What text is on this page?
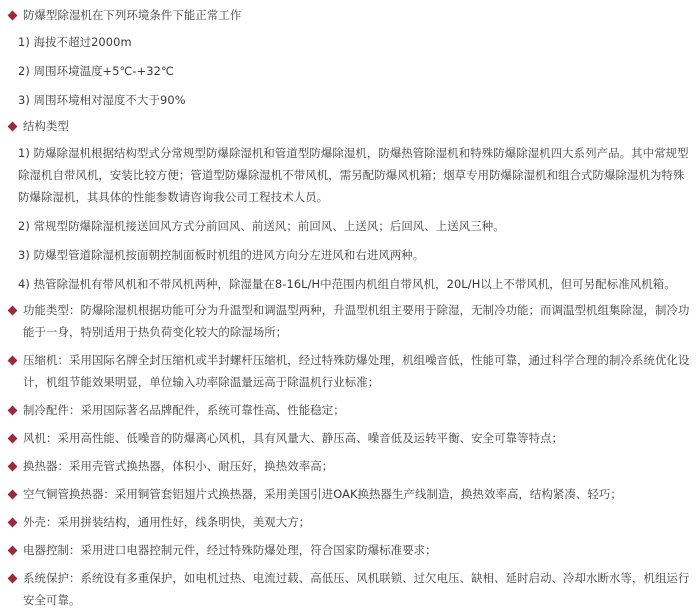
防爆型除湿机在下列环境条件下能正常工作
1) 海拔不超过2000m
2) 周围环境温度+5℃-+32℃
3) 周围环境相对湿度不大于90%
结构类型
1) 防爆除湿机根据结构型式分常规型防爆除湿机和管道型防爆除湿机，防爆热管除湿机和特殊防爆除湿机四大系列产品。其中常规型除湿机自带风机，安装比较方便；管道型防爆除湿机不带风机，需另配防爆风机箱；烟草专用防爆除湿机和组合式防爆除湿机为特殊防爆除湿机，其具体的性能参数请咨询我公司工程技术人员。
2) 常规型防爆除湿机接送回风方式分前回风、前送风；前回风、上送风；后回风、上送风三种。
3) 防爆型管道除湿机按面朝控制面板时机组的进风方向分左进风和右进风两种。
4) 热管除湿机有带风机和不带风机两种，除湿量在8-16L/H中范围内机组自带风机，20L/H以上不带风机，但可另配标准风机箱。
功能类型：防爆除湿机根据功能可分为升温型和调温型两种，升温型机组主要用于除湿，无制冷功能；而调温型机组集除湿，制冷功能于一身，特别适用于热负荷变化较大的除湿场所；
压缩机：采用国际名牌全封压缩机或半封螺杆压缩机，经过特殊防爆处理，机组噪音低，性能可靠，通过科学合理的制冷系统优化设计，机组节能效果明显，单位输入功率除温量远高于除温机行业标准；
制冷配件：采用国际著名品牌配件，系统可靠性高、性能稳定；
风机：采用高性能、低噪音的防爆离心风机，具有风量大、静压高、噪音低及运转平衡、安全可靠等特点；
换热器：采用壳管式换热器，体积小、耐压好，换热效率高；
空气铜管换热器：采用铜管套铝翅片式换热器，采用美国引进OAK换热器生产线制造，换热效率高，结构紧凑、轻巧；
外壳：采用拼装结构，通用性好，线条明快，美观大方；
电器控制：采用进口电器控制元件，经过特殊防爆处理，符合国家防爆标准要求；
系统保护：系统设有多重保护，如电机过热、电流过载、高低压、风机联锁、过欠电压、缺相、延时启动、冷却水断水等，机组运行安全可靠。
